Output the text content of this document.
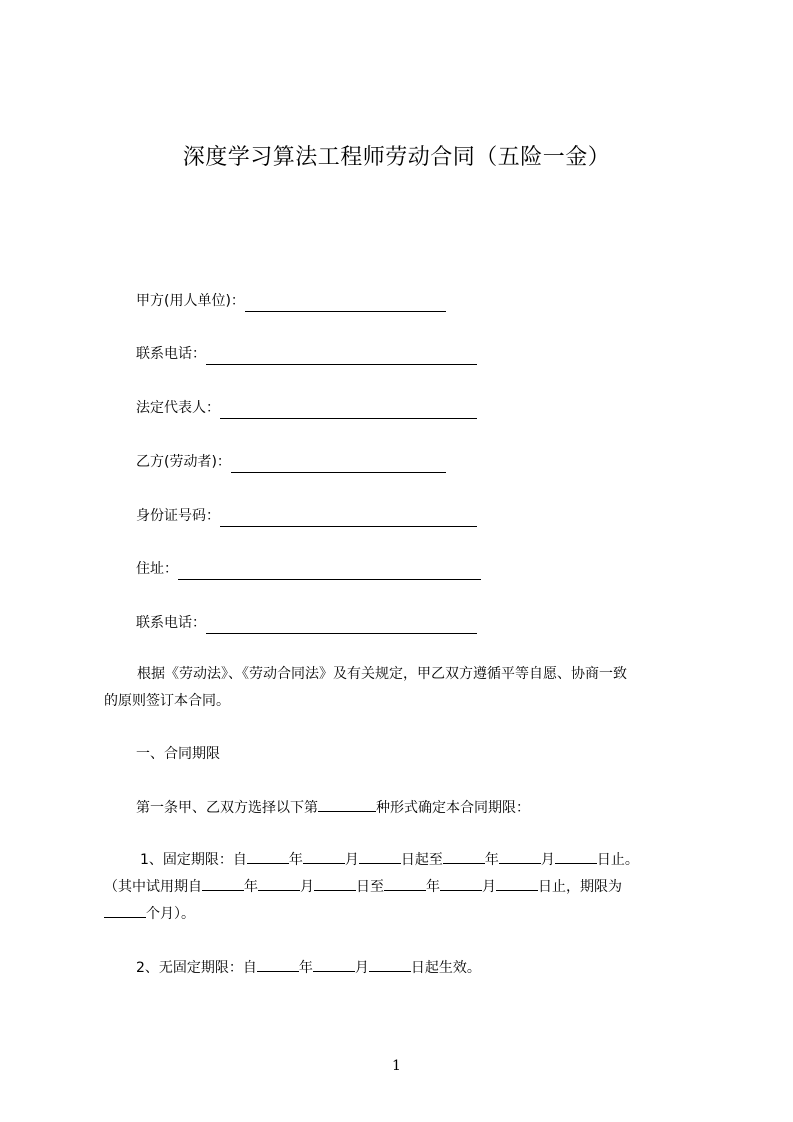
深度学习算法工程师劳动合同（五险一金）
甲方(用人单位)：
联系电话：
法定代表人：
乙方(劳动者)：
身份证号码：
住址：
联系电话：
根据《劳动法》、《劳动合同法》及有关规定，甲乙双方遵循平等自愿、协商一致
的原则签订本合同。
一、合同期限
第一条甲、乙双方选择以下第	种形式确定本合同期限：
1、固定期限：自	年	月	日起至	年	月	日止。
（其中试用期自	年	月	日至	年	月	日止，期限为
个月）。
2、无固定期限：自	年	月	日起生效。
1
